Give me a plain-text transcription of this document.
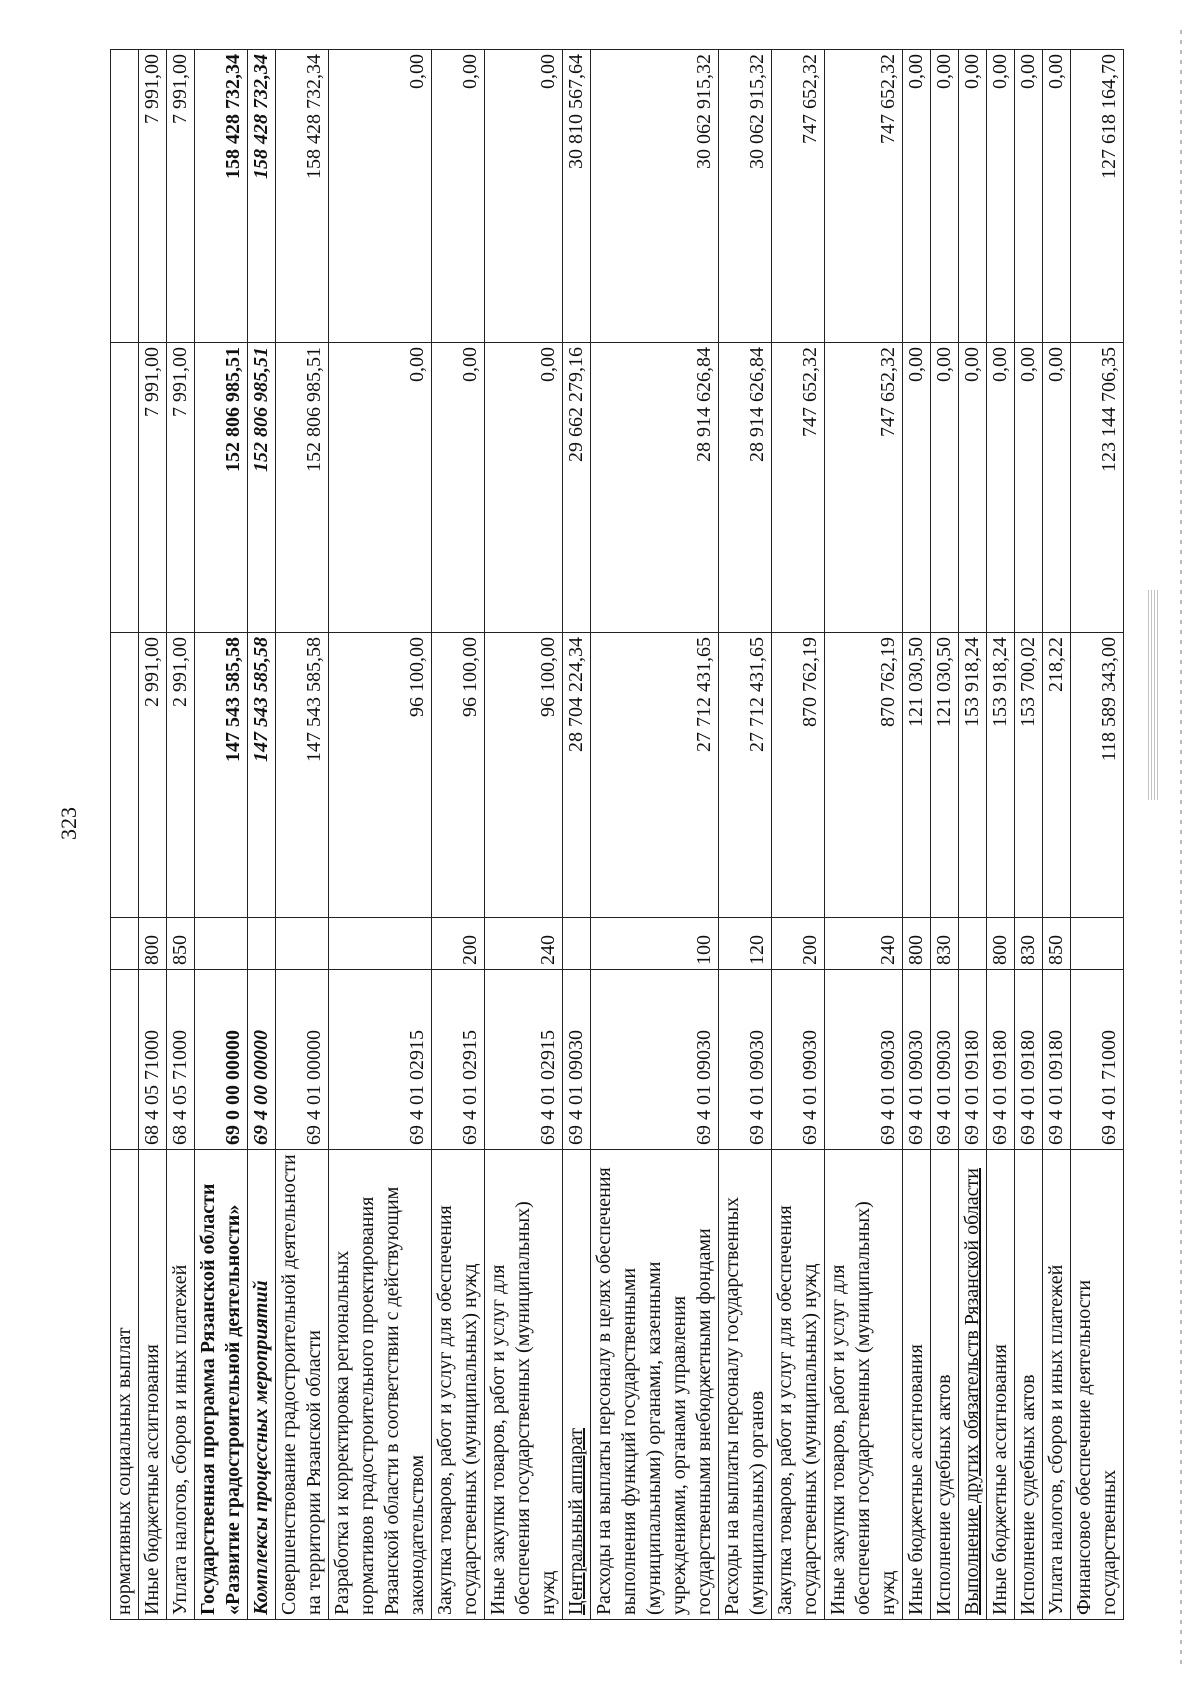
323
нормативных социальных выплат					
Иные бюджетные ассигнования	68 4 05 71000	800	2 991,00	7 991,00	7 991,00
Уплата налогов, сборов и иных платежей	68 4 05 71000	850	2 991,00	7 991,00	7 991,00
Государственная программа Рязанской области «Развитие градостроительной деятельности»	69 0 00 00000		147 543 585,58	152 806 985,51	158 428 732,34
Комплексы процессных мероприятий	69 4 00 00000		147 543 585,58	152 806 985,51	158 428 732,34
Совершенствование градостроительной деятельности на территории Рязанской области	69 4 01 00000		147 543 585,58	152 806 985,51	158 428 732,34
Разработка и корректировка региональных нормативов градостроительного проектирования Рязанской области в соответствии с действующим законодательством	69 4 01 02915		96 100,00	0,00	0,00
Закупка товаров, работ и услуг для обеспечения государственных (муниципальных) нужд	69 4 01 02915	200	96 100,00	0,00	0,00
Иные закупки товаров, работ и услуг для обеспечения государственных (муниципальных) нужд	69 4 01 02915	240	96 100,00	0,00	0,00
Центральный аппарат	69 4 01 09030		28 704 224,34	29 662 279,16	30 810 567,64
Расходы на выплаты персоналу в целях обеспечения выполнения функций государственными (муниципальными) органами, казенными учреждениями, органами управления государственными внебюджетными фондами	69 4 01 09030	100	27 712 431,65	28 914 626,84	30 062 915,32
Расходы на выплаты персоналу государственных (муниципальных) органов	69 4 01 09030	120	27 712 431,65	28 914 626,84	30 062 915,32
Закупка товаров, работ и услуг для обеспечения государственных (муниципальных) нужд	69 4 01 09030	200	870 762,19	747 652,32	747 652,32
Иные закупки товаров, работ и услуг для обеспечения государственных (муниципальных) нужд	69 4 01 09030	240	870 762,19	747 652,32	747 652,32
Иные бюджетные ассигнования	69 4 01 09030	800	121 030,50	0,00	0,00
Исполнение судебных актов	69 4 01 09030	830	121 030,50	0,00	0,00
Выполнение других обязательств Рязанской области	69 4 01 09180		153 918,24	0,00	0,00
Иные бюджетные ассигнования	69 4 01 09180	800	153 918,24	0,00	0,00
Исполнение судебных актов	69 4 01 09180	830	153 700,02	0,00	0,00
Уплата налогов, сборов и иных платежей	69 4 01 09180	850	218,22	0,00	0,00
Финансовое обеспечение деятельности государственных	69 4 01 71000		118 589 343,00	123 144 706,35	127 618 164,70
